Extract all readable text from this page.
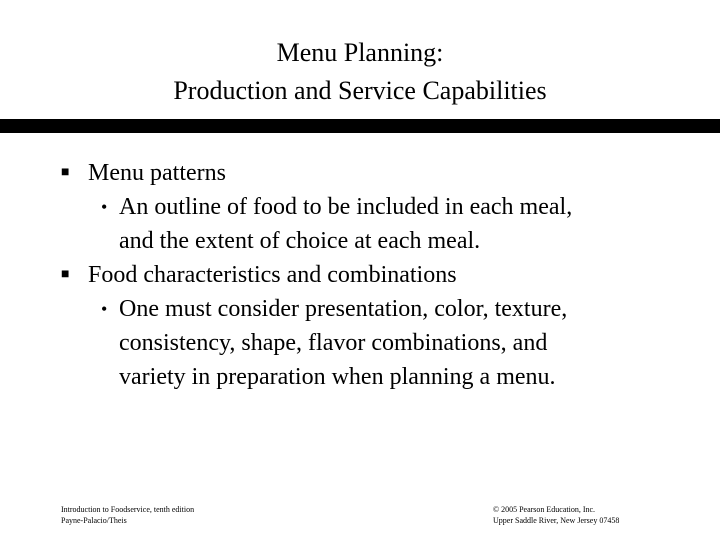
Menu Planning:
Production and Service Capabilities
■ Menu patterns
• An outline of food to be included in each meal,
and the extent of choice at each meal.
■ Food characteristics and combinations
• One must consider presentation, color, texture,
consistency, shape, flavor combinations, and
variety in preparation when planning a menu.
Introduction to Foodservice, tenth edition
Payne-Palacio/Theis
© 2005 Pearson Education, Inc.
Upper Saddle River, New Jersey 07458
